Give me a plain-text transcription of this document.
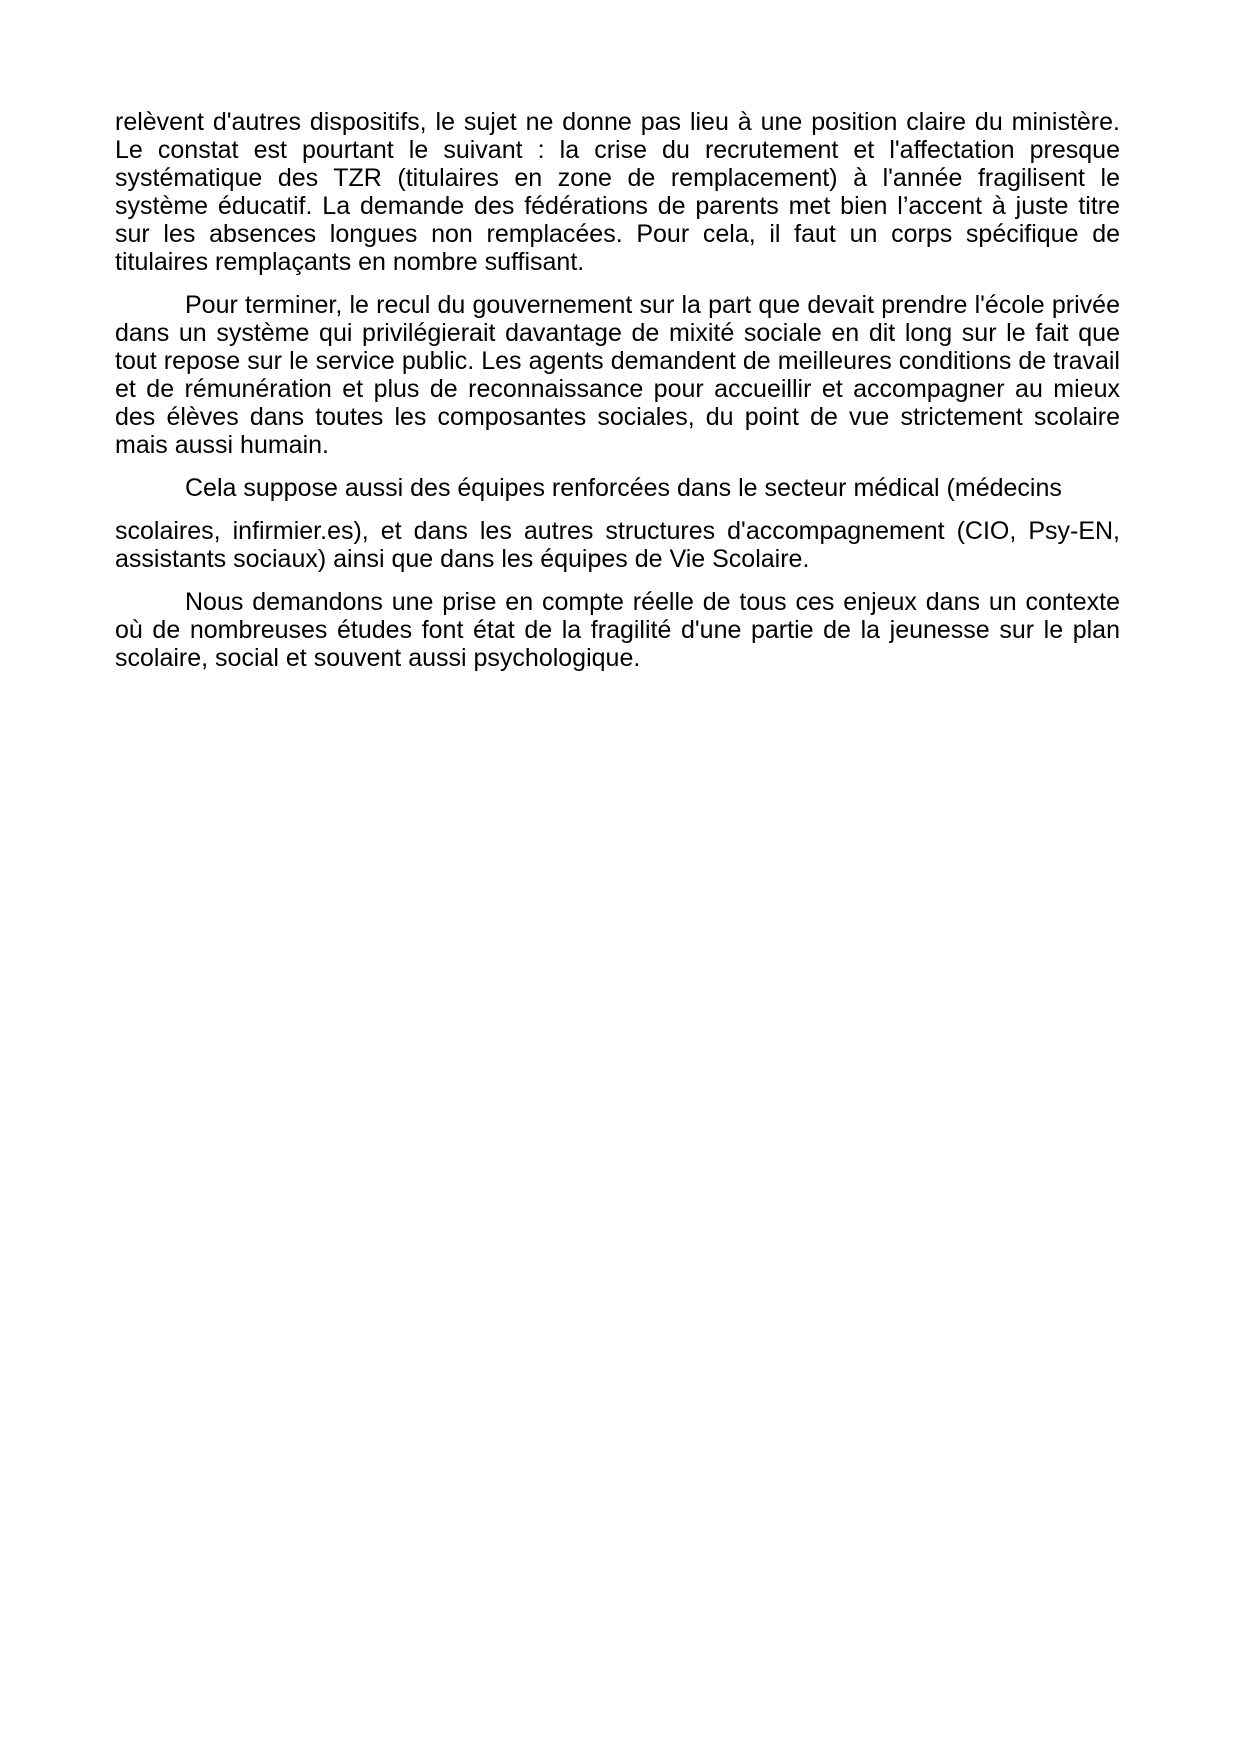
relèvent d'autres dispositifs, le sujet ne donne pas lieu à une position claire du ministère. Le constat est pourtant le suivant : la crise du recrutement et l'affectation presque systématique des TZR (titulaires en zone de remplacement) à l'année fragilisent le système éducatif. La demande des fédérations de parents met bien l’accent à juste titre sur les absences longues non remplacées. Pour cela, il faut un corps spécifique de titulaires remplaçants en nombre suffisant.

Pour terminer, le recul du gouvernement sur la part que devait prendre l'école privée dans un système qui privilégierait davantage de mixité sociale en dit long sur le fait que tout repose sur le service public. Les agents demandent de meilleures conditions de travail et de rémunération et plus de reconnaissance pour accueillir et accompagner au mieux des élèves dans toutes les composantes sociales, du point de vue strictement scolaire mais aussi humain.

Cela suppose aussi des équipes renforcées dans le secteur médical (médecins

scolaires, infirmier.es), et dans les autres structures d'accompagnement (CIO, Psy-EN, assistants sociaux) ainsi que dans les équipes de Vie Scolaire.

Nous demandons une prise en compte réelle de tous ces enjeux dans un contexte où de nombreuses études font état de la fragilité d'une partie de la jeunesse sur le plan scolaire, social et souvent aussi psychologique.
